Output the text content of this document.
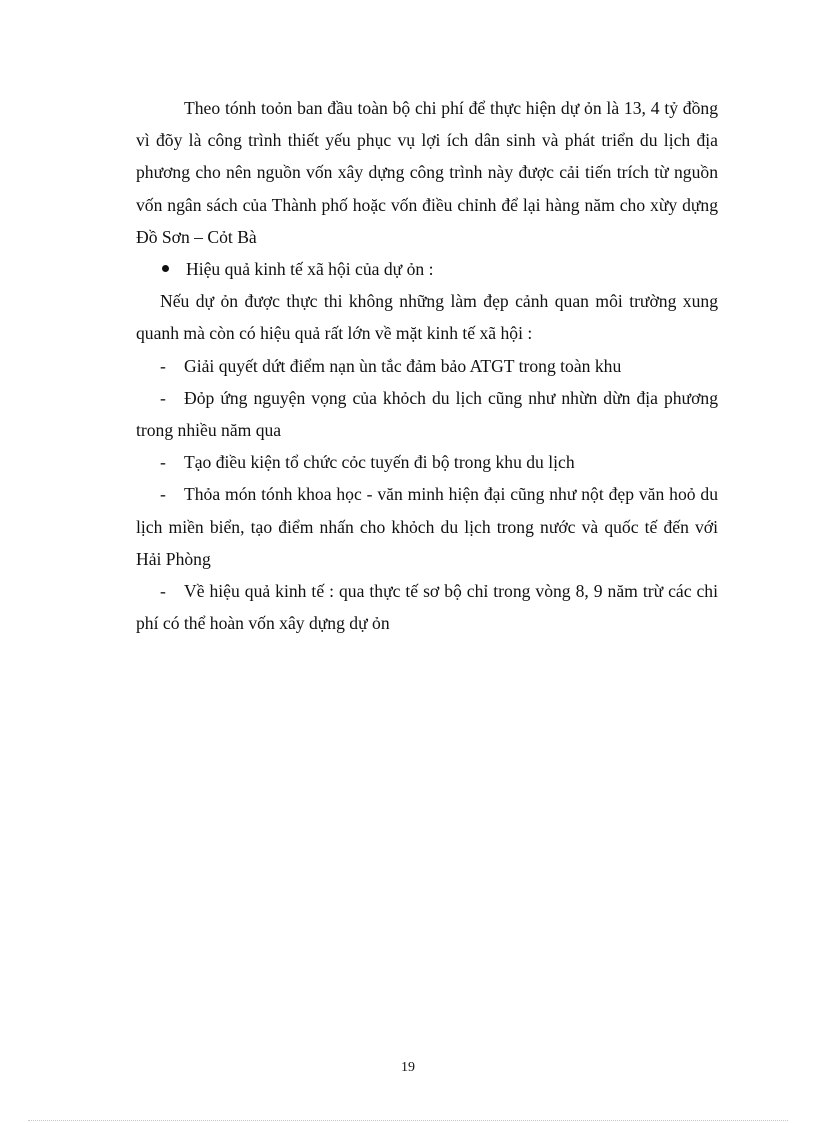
Theo tónh toỏn ban đầu toàn bộ chi phí để thực hiện dự ỏn là 13, 4 tỷ đồng vì đõy là công trình thiết yếu phục vụ lợi ích dân sinh và phát triển du lịch địa phương cho nên nguồn vốn xây dựng công trình này được cải tiến trích từ nguồn vốn ngân sách của Thành phố hoặc vốn điều chỉnh để lại hàng năm cho xừy dựng Đồ Sơn – Cỏt Bà

Hiệu quả kinh tế xã hội của dự ỏn :

Nếu dự ỏn được thực thi không những làm đẹp cảnh quan môi trường xung quanh mà còn có hiệu quả rất lớn về mặt kinh tế xã hội :

- Giải quyết dứt điểm nạn ùn tắc đảm bảo ATGT trong toàn khu

- Đỏp ứng nguyện vọng của khỏch du lịch cũng như nhừn dừn địa phương trong nhiều năm qua

- Tạo điều kiện tổ chức cỏc tuyến đi bộ trong khu du lịch

- Thỏa món tónh khoa học - văn minh hiện đại cũng như nột đẹp văn hoỏ du lịch miền biển, tạo điểm nhấn cho khỏch du lịch trong nước và quốc tế đến với Hải Phòng

- Về hiệu quả kinh tế : qua thực tế sơ bộ chỉ trong vòng 8, 9 năm trừ các chi phí có thể hoàn vốn xây dựng dự ỏn

19
